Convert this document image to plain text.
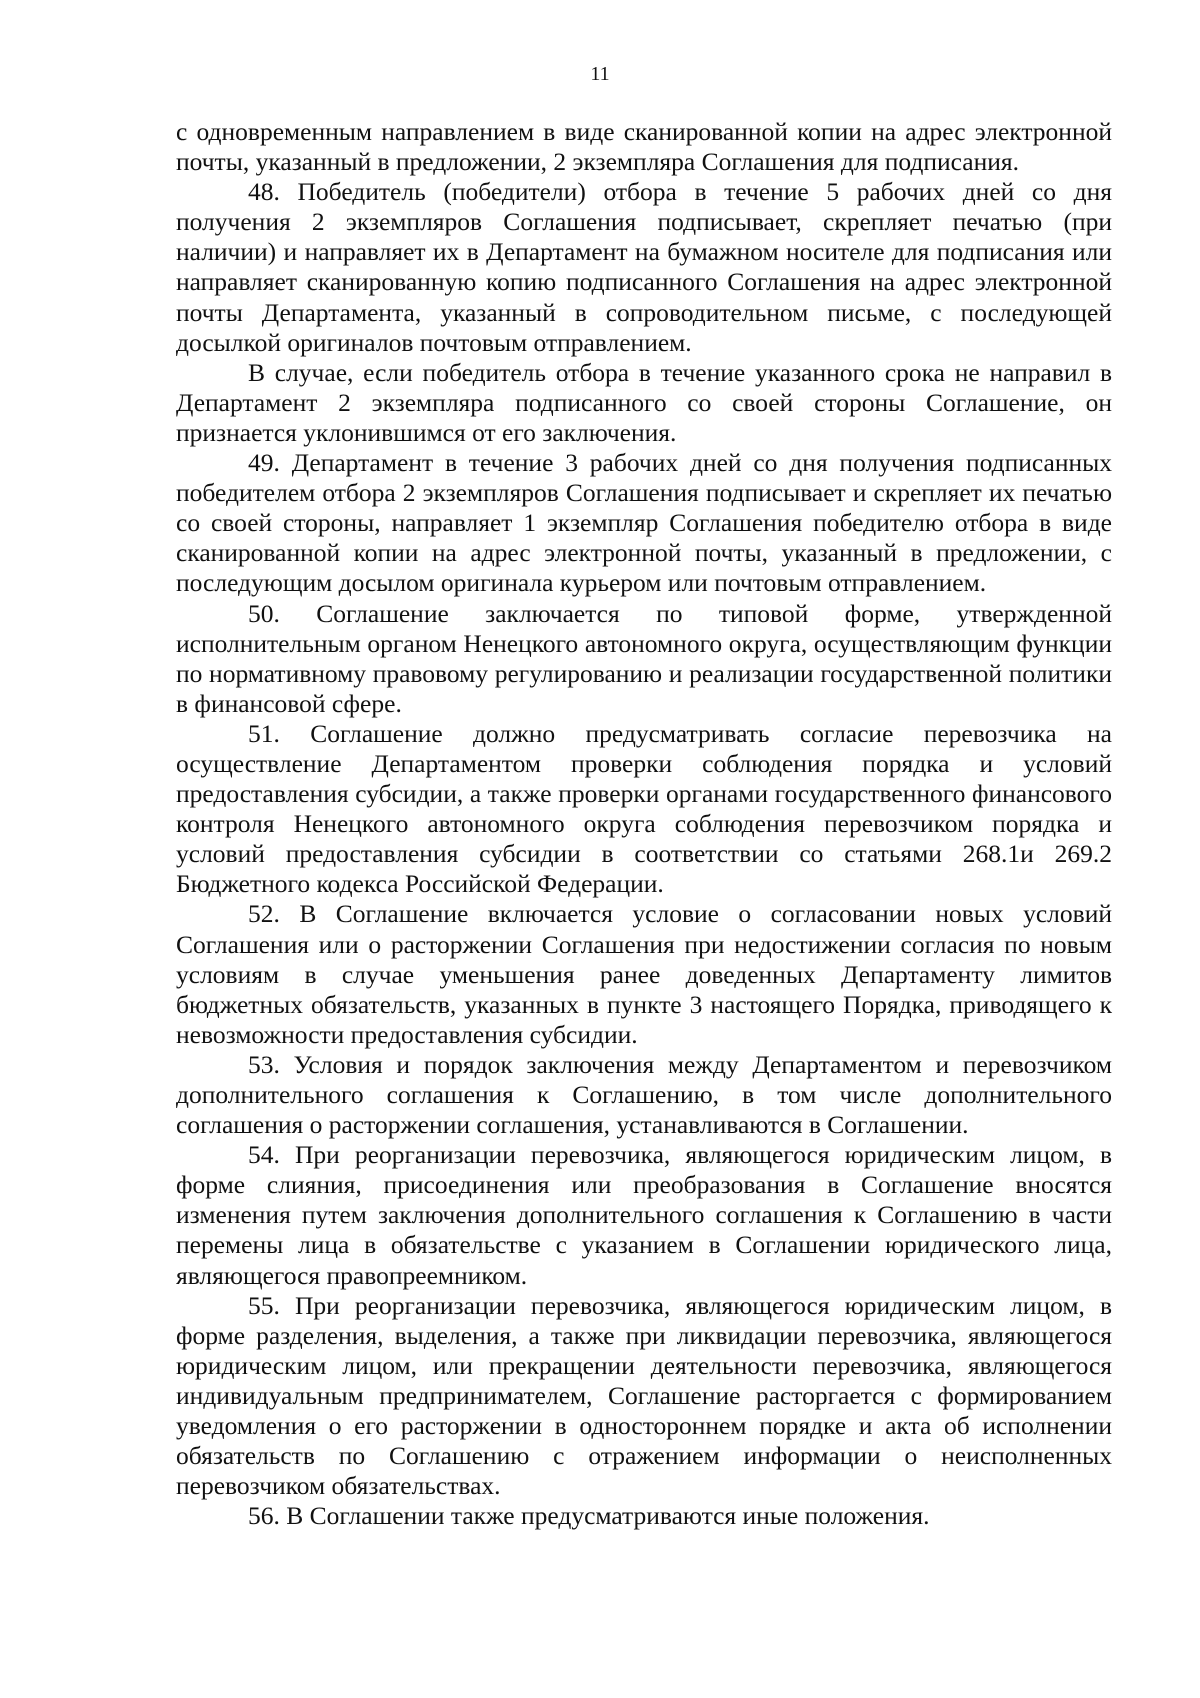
11

с одновременным направлением в виде сканированной копии на адрес электронной почты, указанный в предложении, 2 экземпляра Соглашения для подписания.

48. Победитель (победители) отбора в течение 5 рабочих дней со дня получения 2 экземпляров Соглашения подписывает, скрепляет печатью (при наличии) и направляет их в Департамент на бумажном носителе для подписания или направляет сканированную копию подписанного Соглашения на адрес электронной почты Департамента, указанный в сопроводительном письме, с последующей досылкой оригиналов почтовым отправлением.

В случае, если победитель отбора в течение указанного срока не направил в Департамент 2 экземпляра подписанного со своей стороны Соглашение, он признается уклонившимся от его заключения.

49. Департамент в течение 3 рабочих дней со дня получения подписанных победителем отбора 2 экземпляров Соглашения подписывает и скрепляет их печатью со своей стороны, направляет 1 экземпляр Соглашения победителю отбора в виде сканированной копии на адрес электронной почты, указанный в предложении, с последующим досылом оригинала курьером или почтовым отправлением.

50. Соглашение заключается по типовой форме, утвержденной исполнительным органом Ненецкого автономного округа, осуществляющим функции по нормативному правовому регулированию и реализации государственной политики в финансовой сфере.

51. Соглашение должно предусматривать согласие перевозчика на осуществление Департаментом проверки соблюдения порядка и условий предоставления субсидии, а также проверки органами государственного финансового контроля Ненецкого автономного округа соблюдения перевозчиком порядка и условий предоставления субсидии в соответствии со статьями 268.1и 269.2 Бюджетного кодекса Российской Федерации.

52. В Соглашение включается условие о согласовании новых условий Соглашения или о расторжении Соглашения при недостижении согласия по новым условиям в случае уменьшения ранее доведенных Департаменту лимитов бюджетных обязательств, указанных в пункте 3 настоящего Порядка, приводящего к невозможности предоставления субсидии.

53. Условия и порядок заключения между Департаментом и перевозчиком дополнительного соглашения к Соглашению, в том числе дополнительного соглашения о расторжении соглашения, устанавливаются в Соглашении.

54. При реорганизации перевозчика, являющегося юридическим лицом, в форме слияния, присоединения или преобразования в Соглашение вносятся изменения путем заключения дополнительного соглашения к Соглашению в части перемены лица в обязательстве с указанием в Соглашении юридического лица, являющегося правопреемником.

55. При реорганизации перевозчика, являющегося юридическим лицом, в форме разделения, выделения, а также при ликвидации перевозчика, являющегося юридическим лицом, или прекращении деятельности перевозчика, являющегося индивидуальным предпринимателем, Соглашение расторгается с формированием уведомления о его расторжении в одностороннем порядке и акта об исполнении обязательств по Соглашению с отражением информации о неисполненных перевозчиком обязательствах.

56. В Соглашении также предусматриваются иные положения.
